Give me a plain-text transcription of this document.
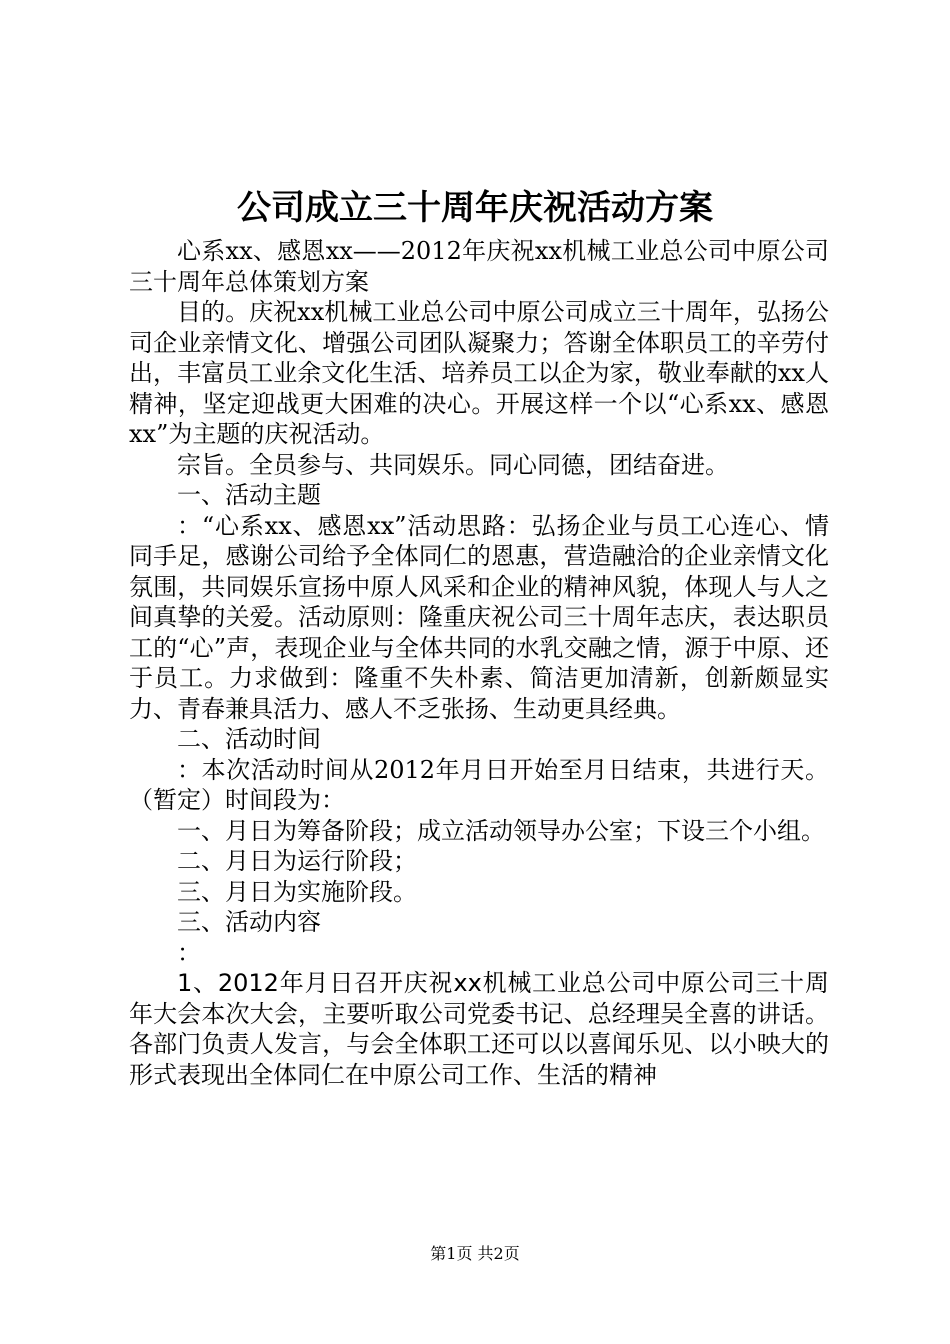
公司成立三十周年庆祝活动方案

心系xx、感恩xx——2012年庆祝xx机械工业总公司中原公司三十周年总体策划方案

目的。庆祝xx机械工业总公司中原公司成立三十周年，弘扬公司企业亲情文化、增强公司团队凝聚力；答谢全体职员工的辛劳付出，丰富员工业余文化生活、培养员工以企为家，敬业奉献的xx人精神，坚定迎战更大困难的决心。开展这样一个以“心系xx、感恩xx”为主题的庆祝活动。

宗旨。全员参与、共同娱乐。同心同德，团结奋进。

一、活动主题

：“心系xx、感恩xx”活动思路：弘扬企业与员工心连心、情同手足，感谢公司给予全体同仁的恩惠，营造融洽的企业亲情文化氛围，共同娱乐宣扬中原人风采和企业的精神风貌，体现人与人之间真挚的关爱。活动原则：隆重庆祝公司三十周年志庆，表达职员工的“心”声，表现企业与全体共同的水乳交融之情，源于中原、还于员工。力求做到：隆重不失朴素、简洁更加清新，创新颇显实力、青春兼具活力、感人不乏张扬、生动更具经典。

二、活动时间

：本次活动时间从2012年月日开始至月日结束，共进行天。（暂定）时间段为：

一、月日为筹备阶段；成立活动领导办公室；下设三个小组。

二、月日为运行阶段；

三、月日为实施阶段。

三、活动内容

：

1、2012年月日召开庆祝xx机械工业总公司中原公司三十周年大会本次大会，主要听取公司党委书记、总经理吴全喜的讲话。各部门负责人发言，与会全体职工还可以以喜闻乐见、以小映大的形式表现出全体同仁在中原公司工作、生活的精神

第1页 共2页
